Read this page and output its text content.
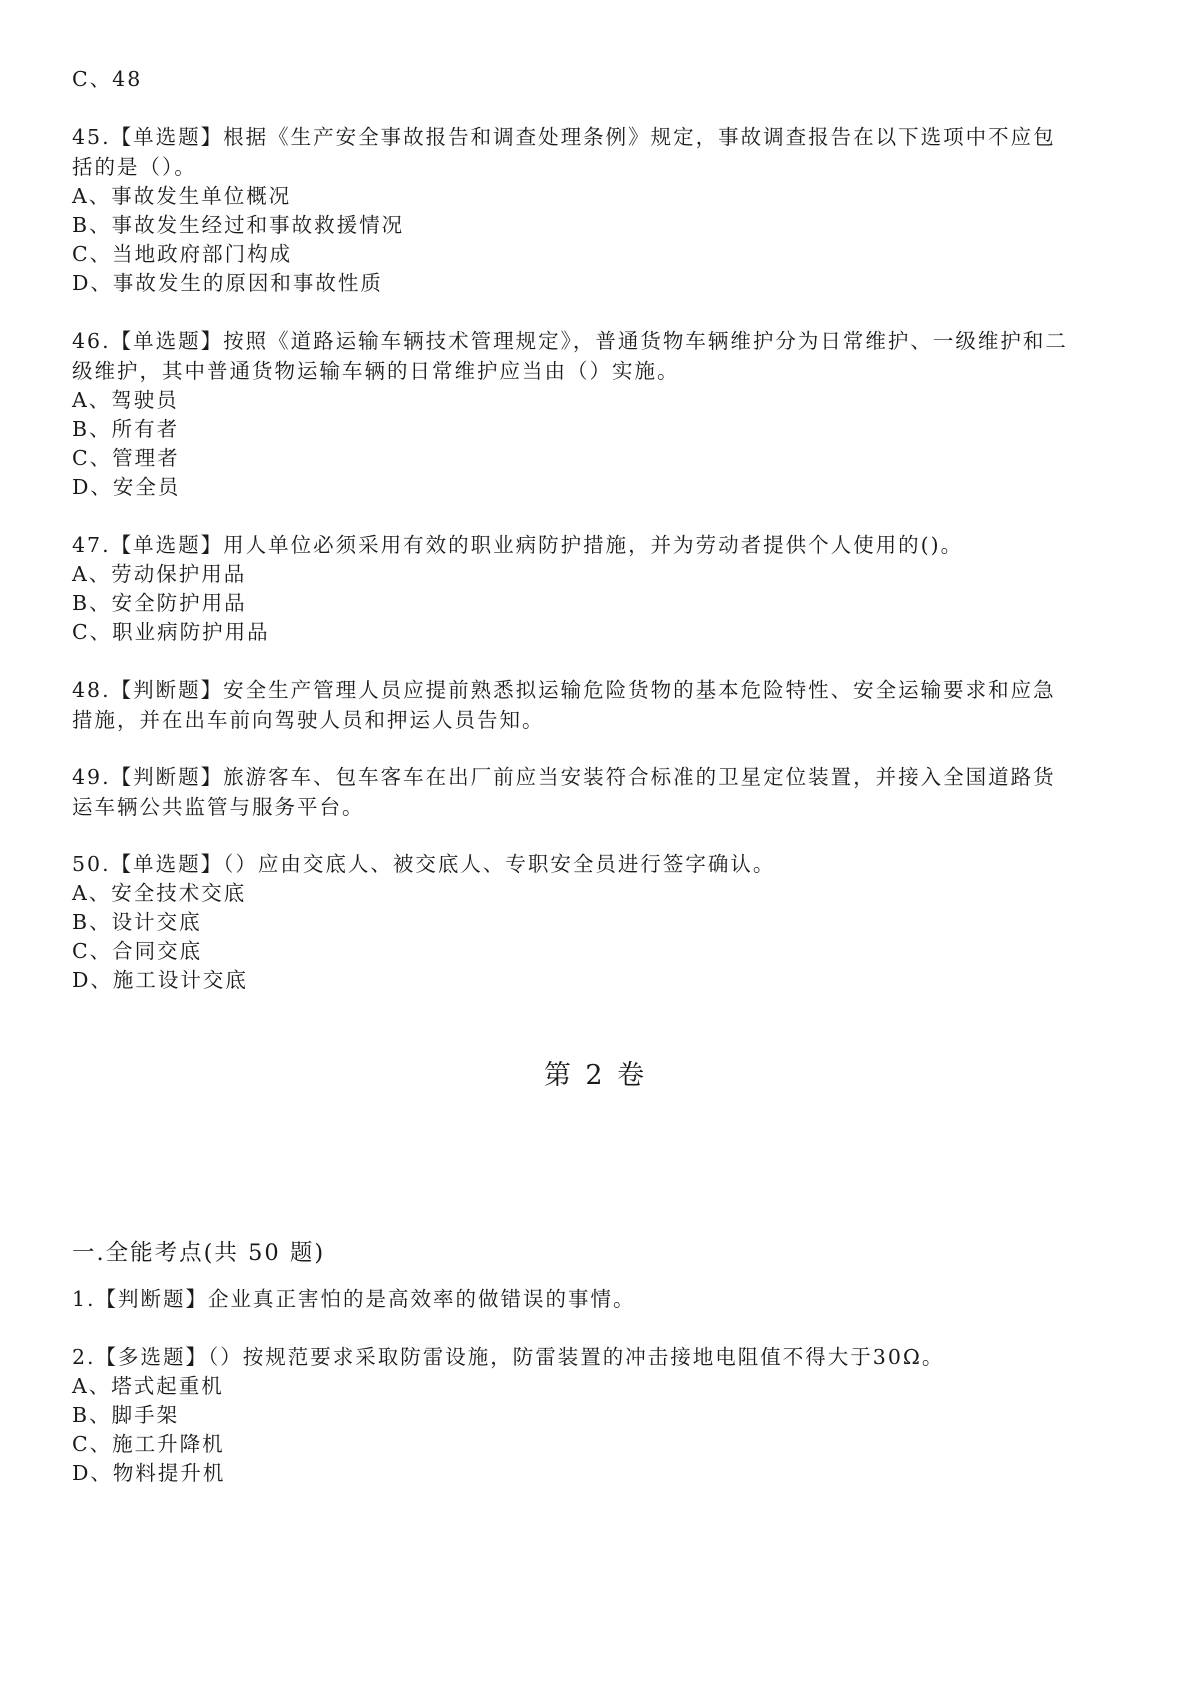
C、48
45.【单选题】根据《生产安全事故报告和调查处理条例》规定，事故调查报告在以下选项中不应包
括的是（）。
A、事故发生单位概况
B、事故发生经过和事故救援情况
C、当地政府部门构成
D、事故发生的原因和事故性质
46.【单选题】按照《道路运输车辆技术管理规定》，普通货物车辆维护分为日常维护、一级维护和二
级维护，其中普通货物运输车辆的日常维护应当由（）实施。
A、驾驶员
B、所有者
C、管理者
D、安全员
47.【单选题】用人单位必须采用有效的职业病防护措施，并为劳动者提供个人使用的()。
A、劳动保护用品
B、安全防护用品
C、职业病防护用品
48.【判断题】安全生产管理人员应提前熟悉拟运输危险货物的基本危险特性、安全运输要求和应急
措施，并在出车前向驾驶人员和押运人员告知。
49.【判断题】旅游客车、包车客车在出厂前应当安装符合标准的卫星定位装置，并接入全国道路货
运车辆公共监管与服务平台。
50.【单选题】（）应由交底人、被交底人、专职安全员进行签字确认。
A、安全技术交底
B、设计交底
C、合同交底
D、施工设计交底
第 2 卷
一.全能考点(共 50 题)
1.【判断题】企业真正害怕的是高效率的做错误的事情。
2.【多选题】（）按规范要求采取防雷设施，防雷装置的冲击接地电阻值不得大于30Ω。
A、塔式起重机
B、脚手架
C、施工升降机
D、物料提升机
